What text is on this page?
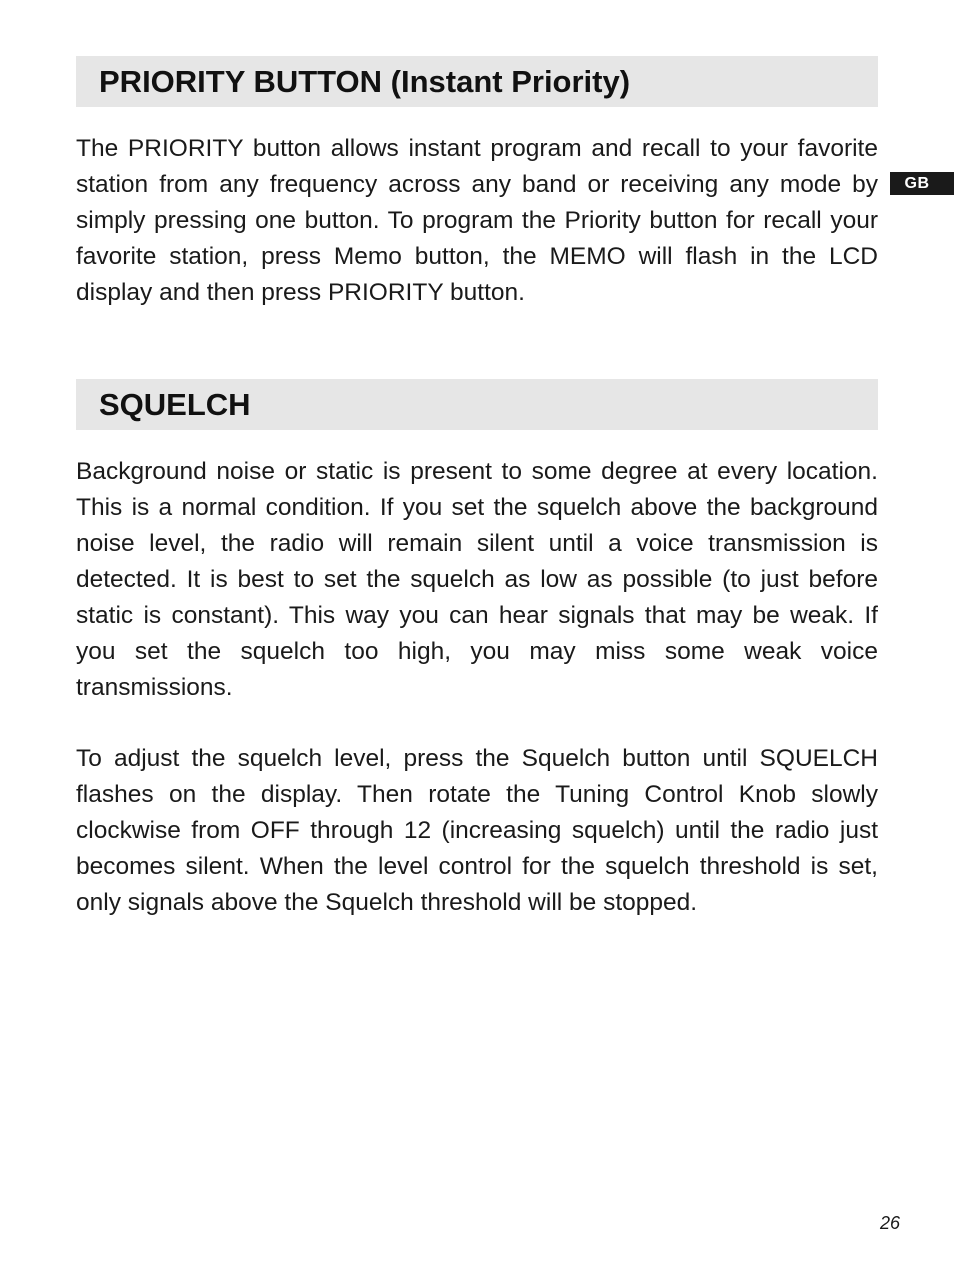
PRIORITY BUTTON (Instant Priority)

The PRIORITY button allows instant program and recall to your favorite station from any frequency across any band or receiving any mode by simply pressing one button. To program the Priority button for recall your favorite station, press Memo button, the MEMO will flash in the LCD display and then press PRIORITY button.

GB
SQUELCH

Background noise or static is present to some degree at every location. This is a normal condition. If you set the squelch above the background noise level, the radio will remain silent until a voice transmission is detected. It is best to set the squelch as low as possible (to just before static is constant). This way you can hear signals that may be weak. If you set the squelch too high, you may miss some weak voice transmissions.

To adjust the squelch level, press the Squelch button until SQUELCH flashes on the display. Then rotate the Tuning Control Knob slowly clockwise from OFF through 12 (increasing squelch) until the radio just becomes silent. When the level control for the squelch threshold is set, only signals above the Squelch threshold will be stopped.

26
